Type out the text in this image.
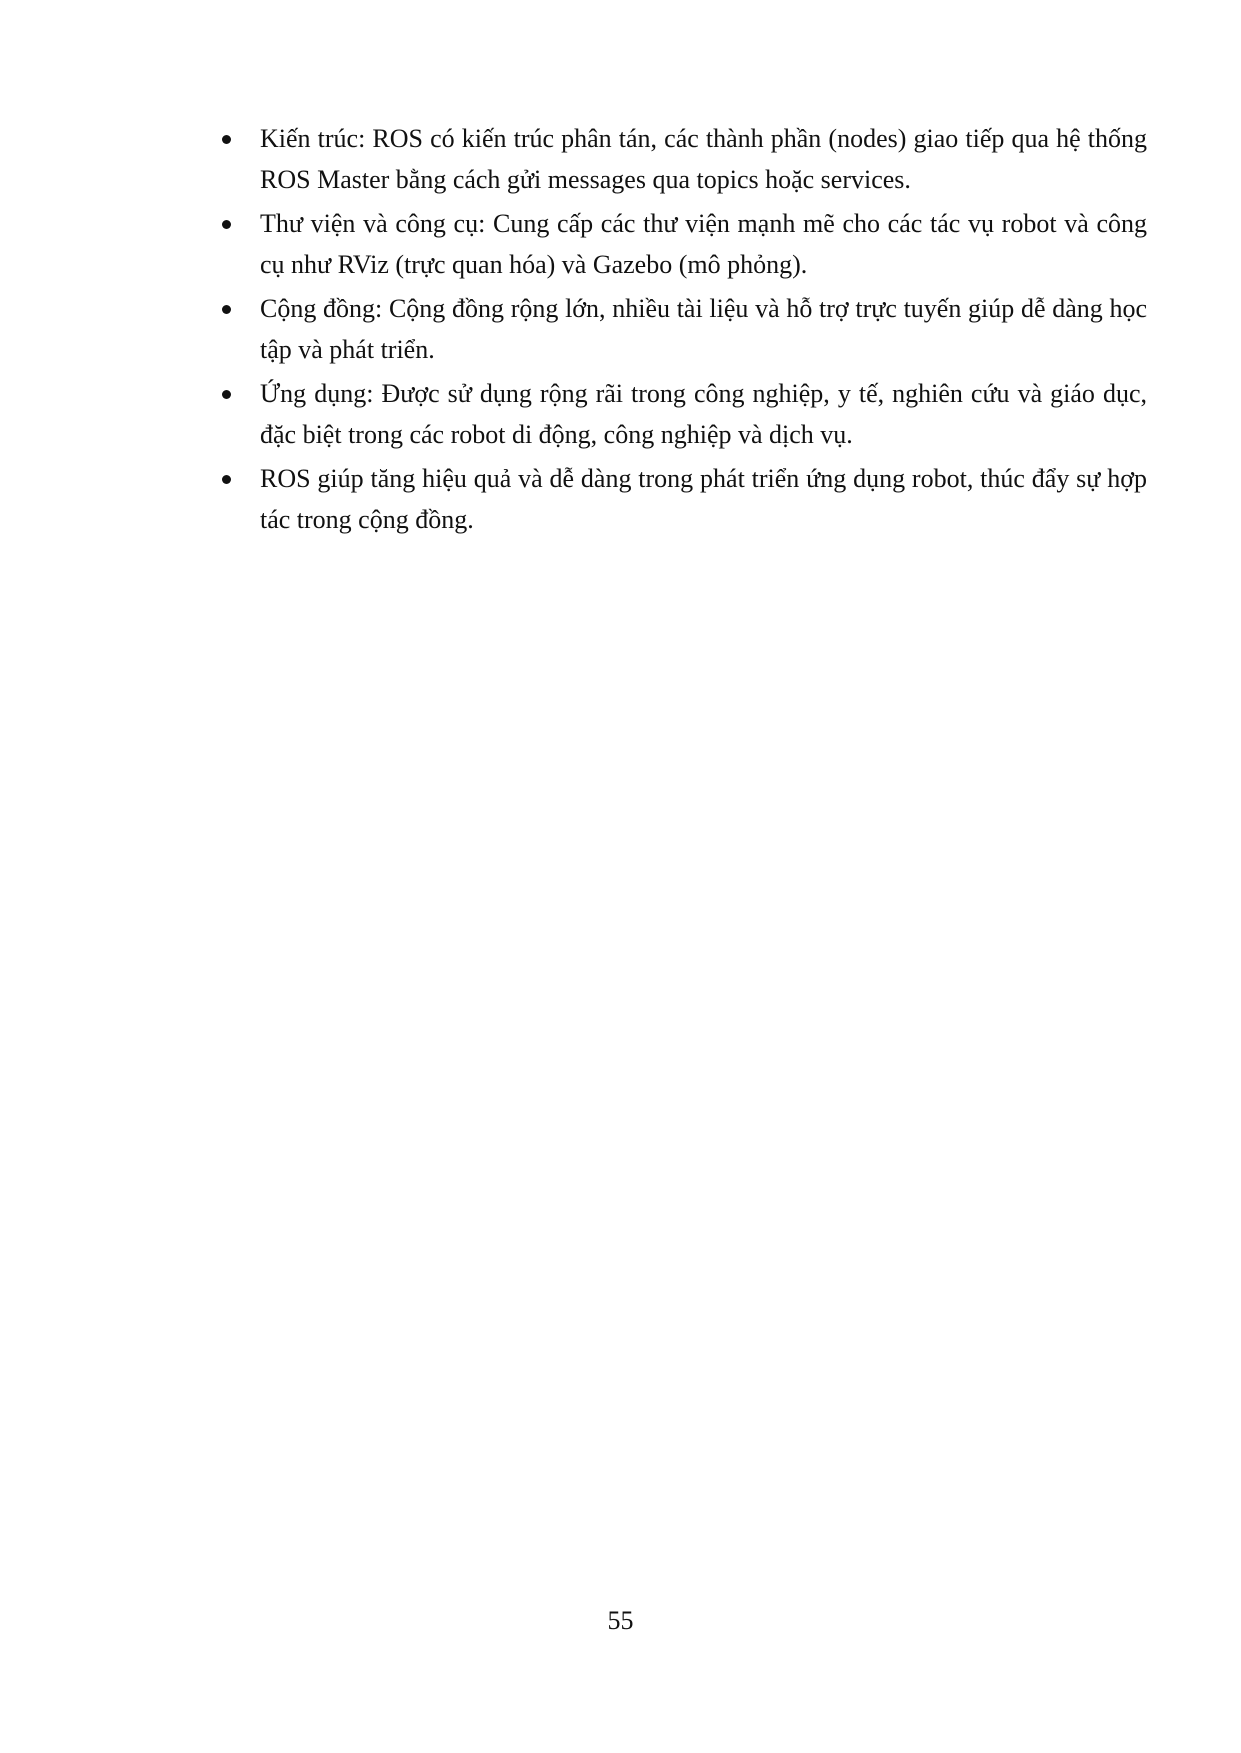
Kiến trúc: ROS có kiến trúc phân tán, các thành phần (nodes) giao tiếp qua hệ thống ROS Master bằng cách gửi messages qua topics hoặc services.
Thư viện và công cụ: Cung cấp các thư viện mạnh mẽ cho các tác vụ robot và công cụ như RViz (trực quan hóa) và Gazebo (mô phỏng).
Cộng đồng: Cộng đồng rộng lớn, nhiều tài liệu và hỗ trợ trực tuyến giúp dễ dàng học tập và phát triển.
Ứng dụng: Được sử dụng rộng rãi trong công nghiệp, y tế, nghiên cứu và giáo dục, đặc biệt trong các robot di động, công nghiệp và dịch vụ.
ROS giúp tăng hiệu quả và dễ dàng trong phát triển ứng dụng robot, thúc đẩy sự hợp tác trong cộng đồng.
55
